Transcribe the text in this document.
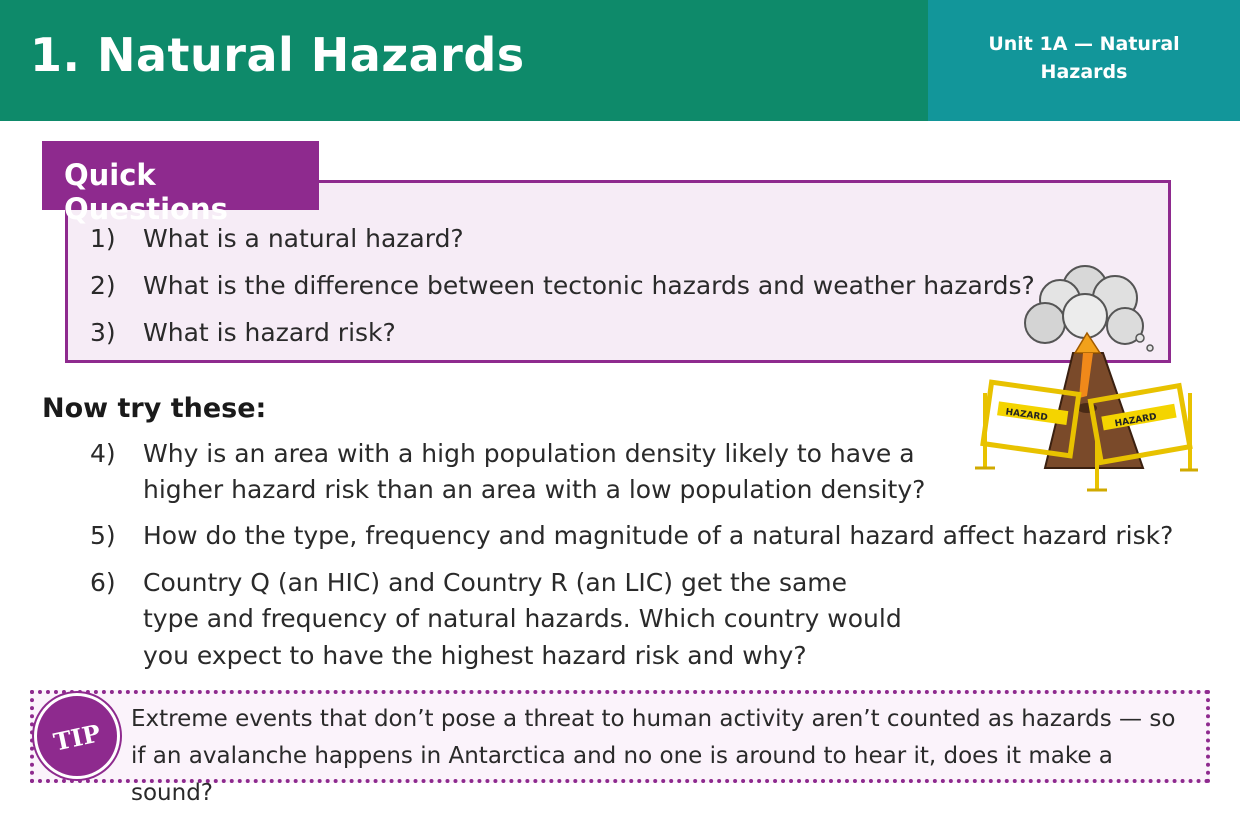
1. Natural Hazards	Unit 1A — Natural Hazards
Quick Questions
1)	What is a natural hazard?
2)	What is the difference between tectonic hazards and weather hazards?
3)	What is hazard risk?
Now try these:
4)	Why is an area with a high population density likely to have a
higher hazard risk than an area with a low population density?
5)	How do the type, frequency and magnitude of a natural hazard affect hazard risk?
6)	Country Q (an HIC) and Country R (an LIC) get the same
type and frequency of natural hazards. Which country would
you expect to have the highest hazard risk and why?
TIP	Extreme events that don’t pose a threat to human activity aren’t counted as hazards — so if an avalanche happens in Antarctica and no one is around to hear it, does it make a sound?

HAZARD	HAZARD
